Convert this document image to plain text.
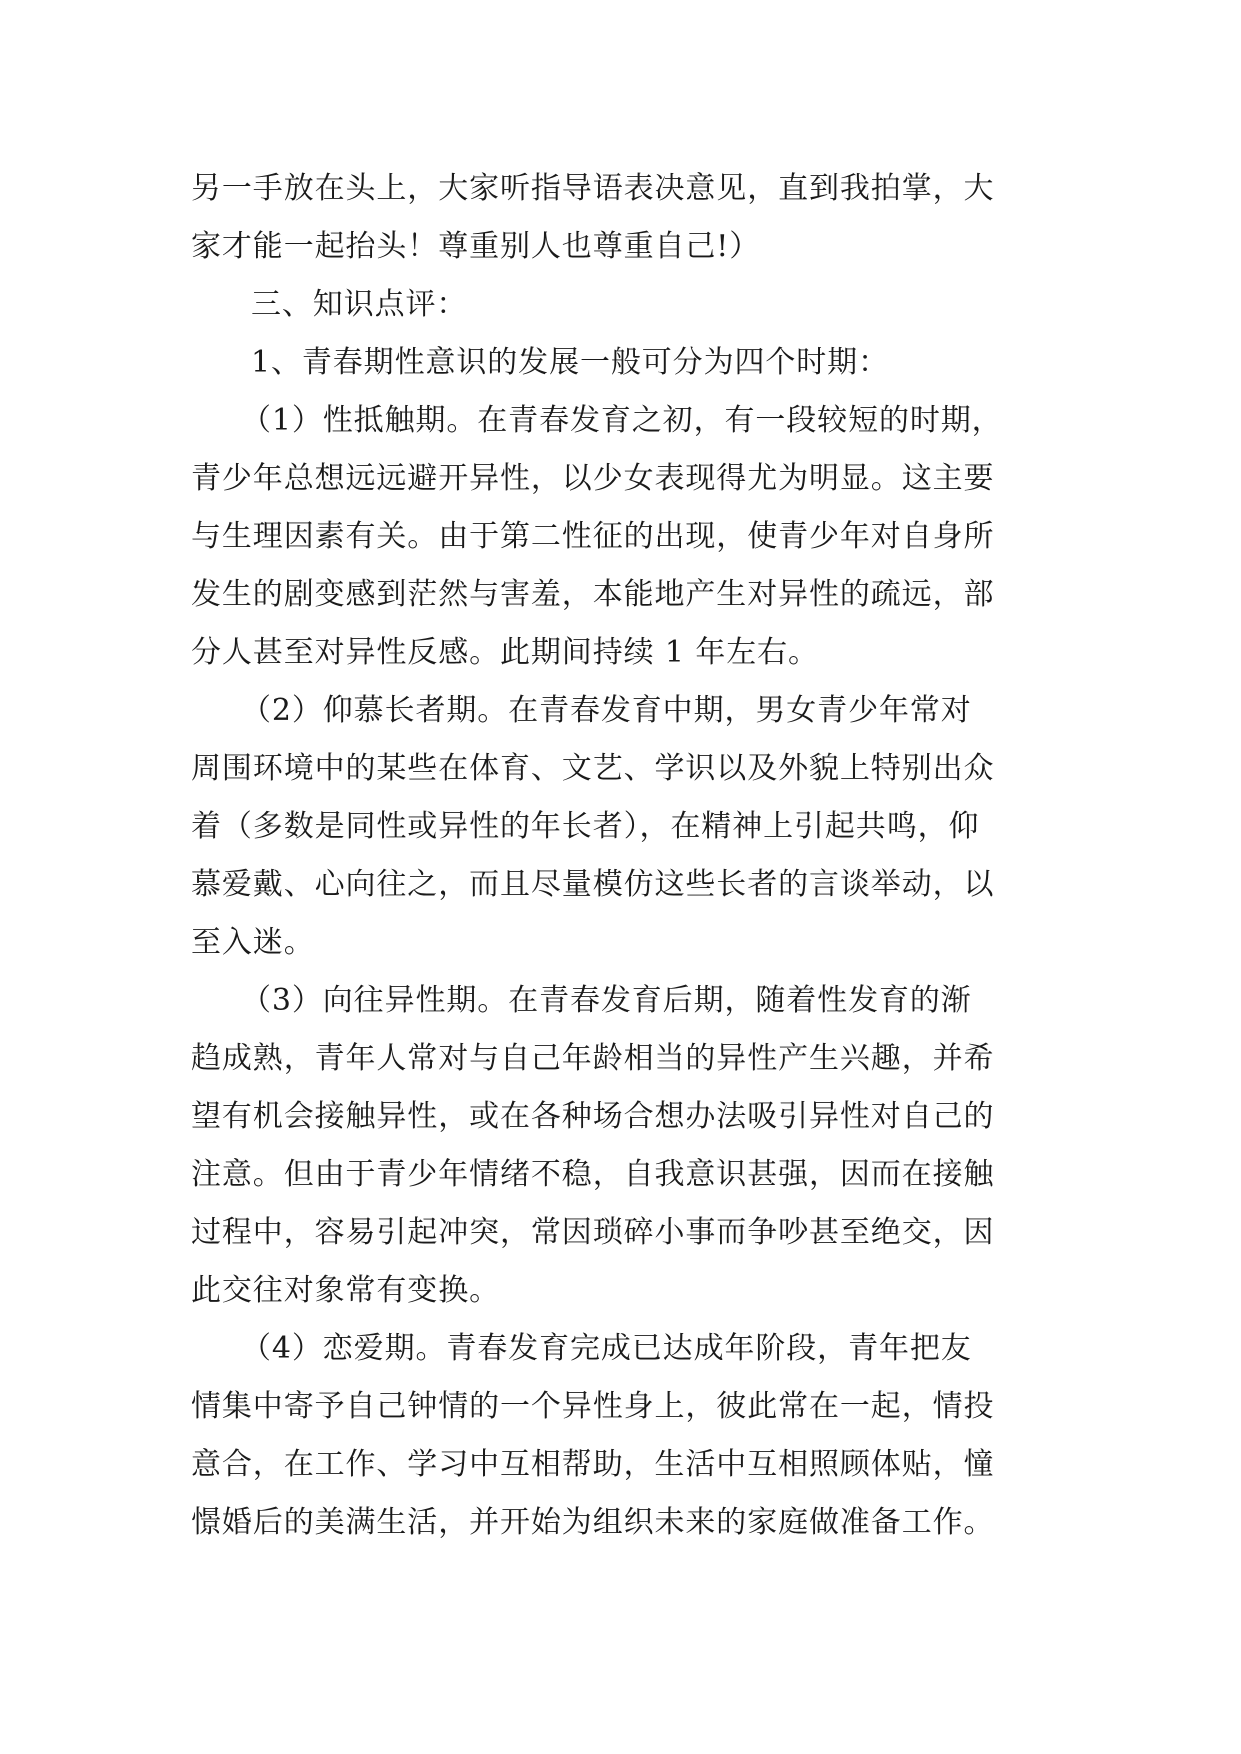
另一手放在头上，大家听指导语表决意见，直到我拍掌，大
家才能一起抬头！尊重别人也尊重自己!）
三、知识点评：
1、青春期性意识的发展一般可分为四个时期：
（1）性抵触期。在青春发育之初，有一段较短的时期，
青少年总想远远避开异性，以少女表现得尤为明显。这主要
与生理因素有关。由于第二性征的出现，使青少年对自身所
发生的剧变感到茫然与害羞，本能地产生对异性的疏远，部
分人甚至对异性反感。此期间持续 1 年左右。
（2）仰慕长者期。在青春发育中期，男女青少年常对
周围环境中的某些在体育、文艺、学识以及外貌上特别出众
着（多数是同性或异性的年长者），在精神上引起共鸣，仰
慕爱戴、心向往之，而且尽量模仿这些长者的言谈举动，以
至入迷。
（3）向往异性期。在青春发育后期，随着性发育的渐
趋成熟，青年人常对与自己年龄相当的异性产生兴趣，并希
望有机会接触异性，或在各种场合想办法吸引异性对自己的
注意。但由于青少年情绪不稳，自我意识甚强，因而在接触
过程中，容易引起冲突，常因琐碎小事而争吵甚至绝交，因
此交往对象常有变换。
（4）恋爱期。青春发育完成已达成年阶段，青年把友
情集中寄予自己钟情的一个异性身上，彼此常在一起，情投
意合，在工作、学习中互相帮助，生活中互相照顾体贴，憧
憬婚后的美满生活，并开始为组织未来的家庭做准备工作。
